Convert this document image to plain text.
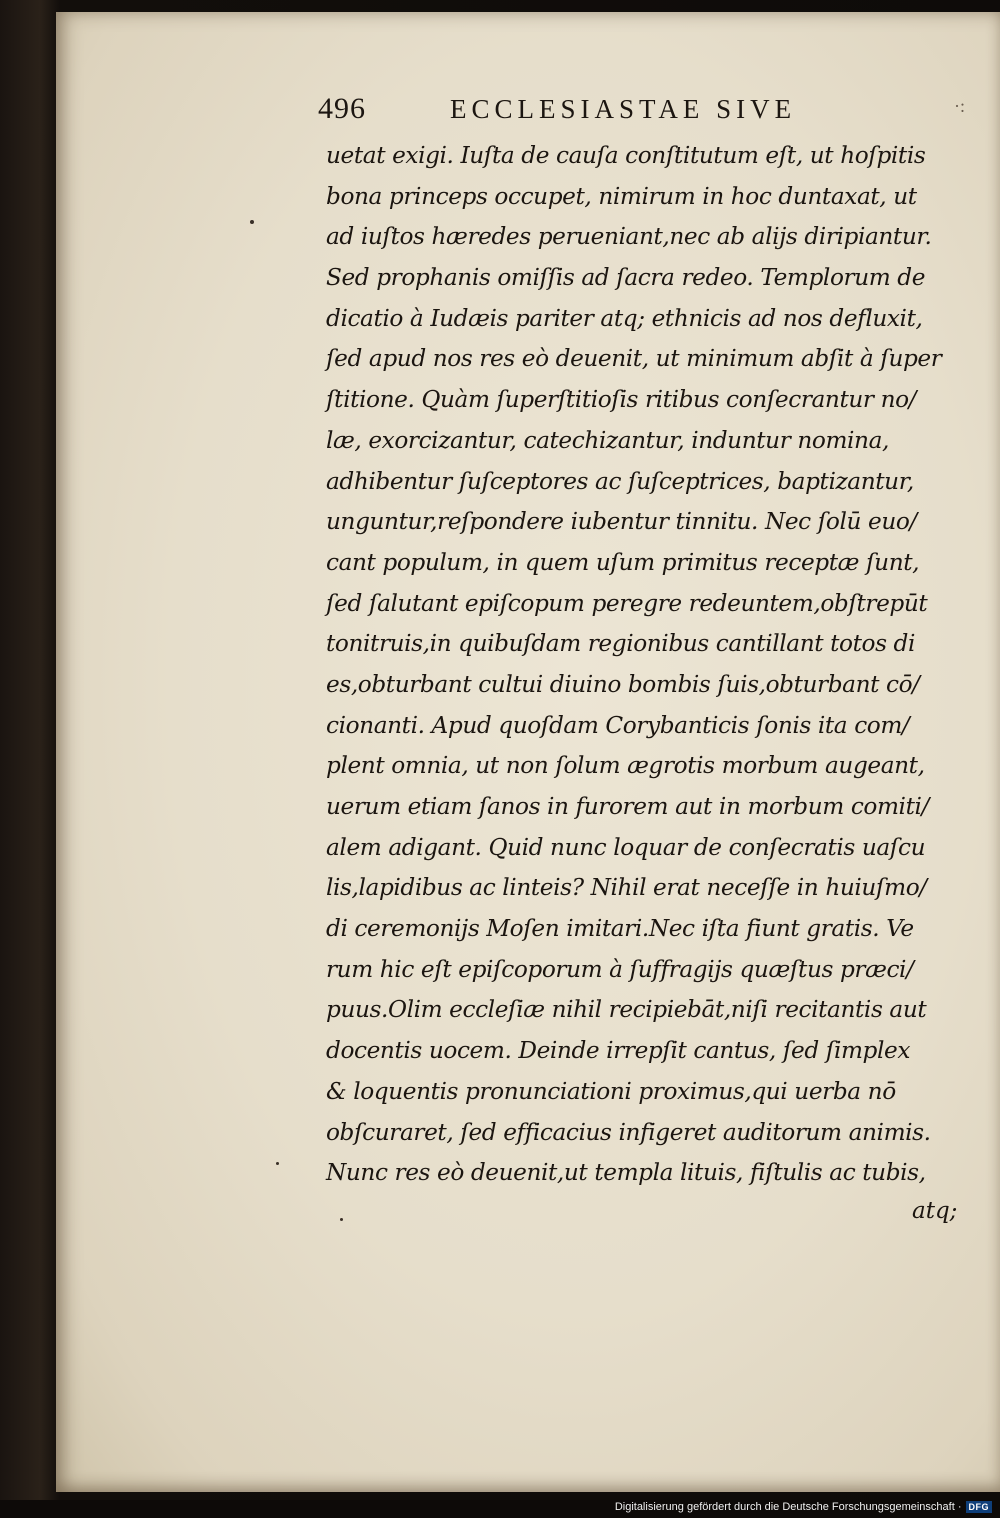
496	ECCLESIASTAE SIVE	·:
uetat exigi. Iuſta de cauſa conſtitutum eſt, ut hoſpitis
bona princeps occupet, nimirum in hoc duntaxat, ut
ad iuſtos hæredes perueniant,nec ab alijs diripiantur.
Sed prophanis omiſſis ad ſacra redeo. Templorum de
dicatio à Iudæis pariter atq; ethnicis ad nos defluxit,
ſed apud nos res eò deuenit, ut minimum abſit à ſuper
ſtitione. Quàm ſuperſtitioſis ritibus conſecrantur no/
læ, exorcizantur, catechizantur, induntur nomina,
adhibentur ſuſceptores ac ſuſceptrices, baptizantur,
unguntur,reſpondere iubentur tinnitu. Nec ſolū euo/
cant populum, in quem uſum primitus receptæ ſunt,
ſed ſalutant epiſcopum peregre redeuntem,obſtrepūt
tonitruis,in quibuſdam regionibus cantillant totos di
es,obturbant cultui diuino bombis ſuis,obturbant cō/
cionanti. Apud quoſdam Corybanticis ſonis ita com/
plent omnia, ut non ſolum ægrotis morbum augeant,
uerum etiam ſanos in furorem aut in morbum comiti/
alem adigant. Quid nunc loquar de conſecratis uaſcu
lis,lapidibus ac linteis? Nihil erat neceſſe in huiuſmo/
di ceremonijs Moſen imitari.Nec iſta fiunt gratis. Ve
rum hic eſt epiſcoporum à ſuffragijs quæſtus præci/
puus.Olim eccleſiæ nihil recipiebāt,niſi recitantis aut
docentis uocem. Deinde irrepſit cantus, ſed ſimplex
& loquentis pronunciationi proximus,qui uerba nō
obſcuraret, ſed efficacius infigeret auditorum animis.
Nunc res eò deuenit,ut templa lituis, fiſtulis ac tubis,
atq;
Digitalisierung gefördert durch die Deutsche Forschungsgemeinschaft · DFG
